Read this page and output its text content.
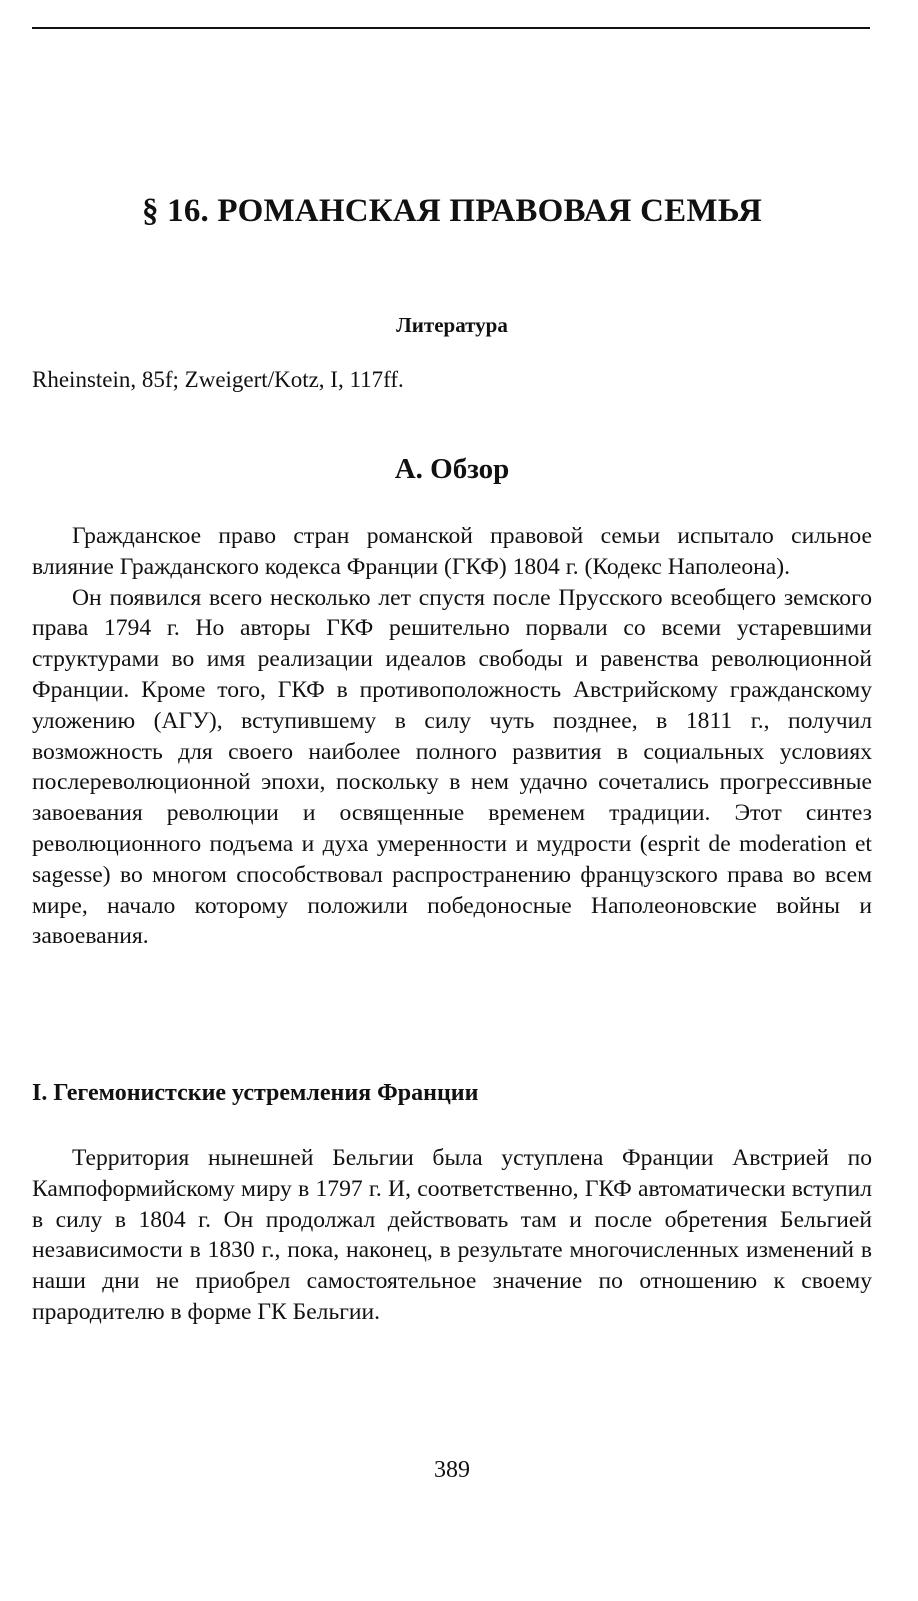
§ 16. РОМАНСКАЯ ПРАВОВАЯ СЕМЬЯ
Литература

Rheinstein, 85f; Zweigert/Kotz, I, 117ff.

А. Обзор

Гражданское право стран романской правовой семьи испытало сильное влияние Гражданского кодекса Франции (ГКФ) 1804 г. (Кодекс Наполеона).

Он появился всего несколько лет спустя после Прусского всеобщего земского права 1794 г. Но авторы ГКФ решительно порвали со всеми устаревшими структурами во имя реализации идеалов свободы и равенства революционной Франции. Кроме того, ГКФ в противоположность Австрийскому гражданскому уложению (АГУ), вступившему в силу чуть позднее, в 1811 г., получил возможность для своего наиболее полного развития в социальных условиях послереволюционной эпохи, поскольку в нем удачно сочетались прогрессивные завоевания революции и освященные временем традиции. Этот синтез революционного подъема и духа умеренности и мудрости (esprit de moderation et sagesse) во многом способствовал распространению французского права во всем мире, начало которому положили победоносные Наполеоновские войны и завоевания.

I. Гегемонистские устремления Франции

Территория нынешней Бельгии была уступлена Франции Австрией по Кампоформийскому миру в 1797 г. И, соответственно, ГКФ автоматически вступил в силу в 1804 г. Он продолжал действовать там и после обретения Бельгией независимости в 1830 г., пока, наконец, в результате многочисленных изменений в наши дни не приобрел самостоятельное значение по отношению к своему прародителю в форме ГК Бельгии.

389
